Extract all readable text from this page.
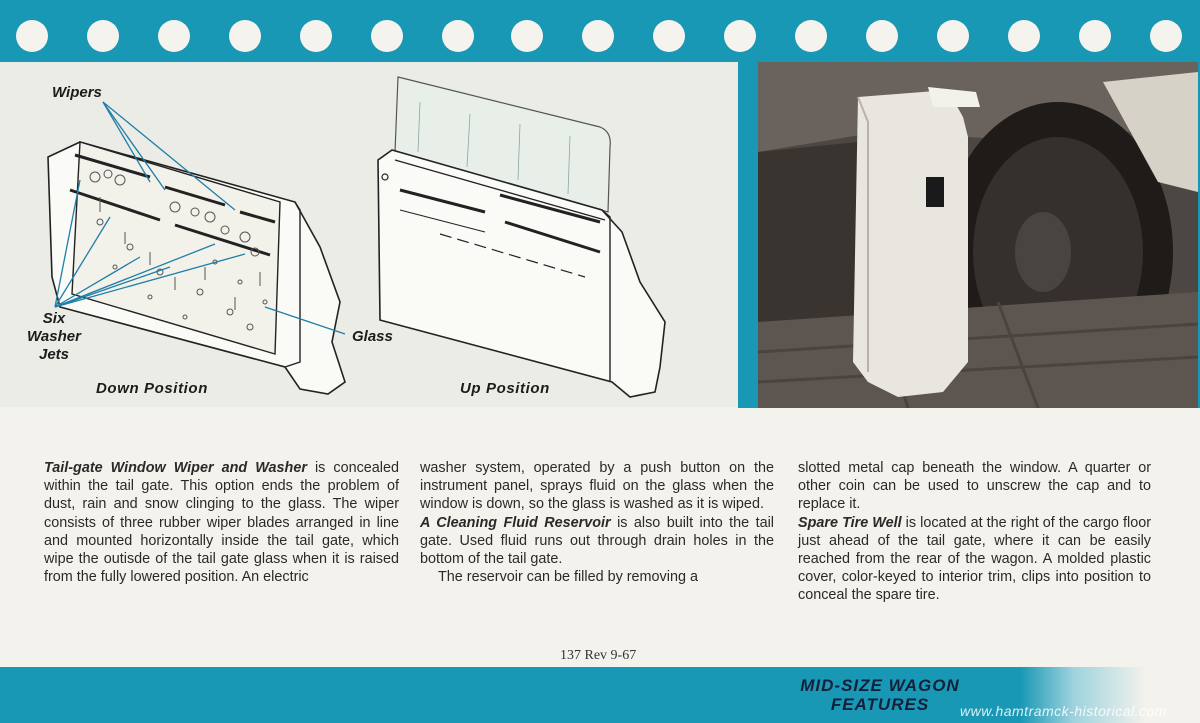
Wipers
Six
Washer
Jets
Glass
Down Position	Up Position

Tail-gate Window Wiper and Washer is concealed within the tail gate. This option ends the problem of dust, rain and snow clinging to the glass. The wiper consists of three rubber wiper blades arranged in line and mounted horizontally inside the tail gate, which wipe the outisde of the tail gate glass when it is raised from the fully lowered position. An electric

washer system, operated by a push button on the instrument panel, sprays fluid on the glass when the window is down, so the glass is washed as it is wiped.

A Cleaning Fluid Reservoir is also built into the tail gate. Used fluid runs out through drain holes in the bottom of the tail gate.

The reservoir can be filled by removing a

slotted metal cap beneath the window. A quarter or other coin can be used to unscrew the cap and to replace it.

Spare Tire Well is located at the right of the cargo floor just ahead of the tail gate, where it can be easily reached from the rear of the wagon. A molded plastic cover, color-keyed to interior trim, clips into position to conceal the spare tire.

137 Rev 9-67
MID-SIZE WAGON
FEATURES	www.hamtramck-historical.com
